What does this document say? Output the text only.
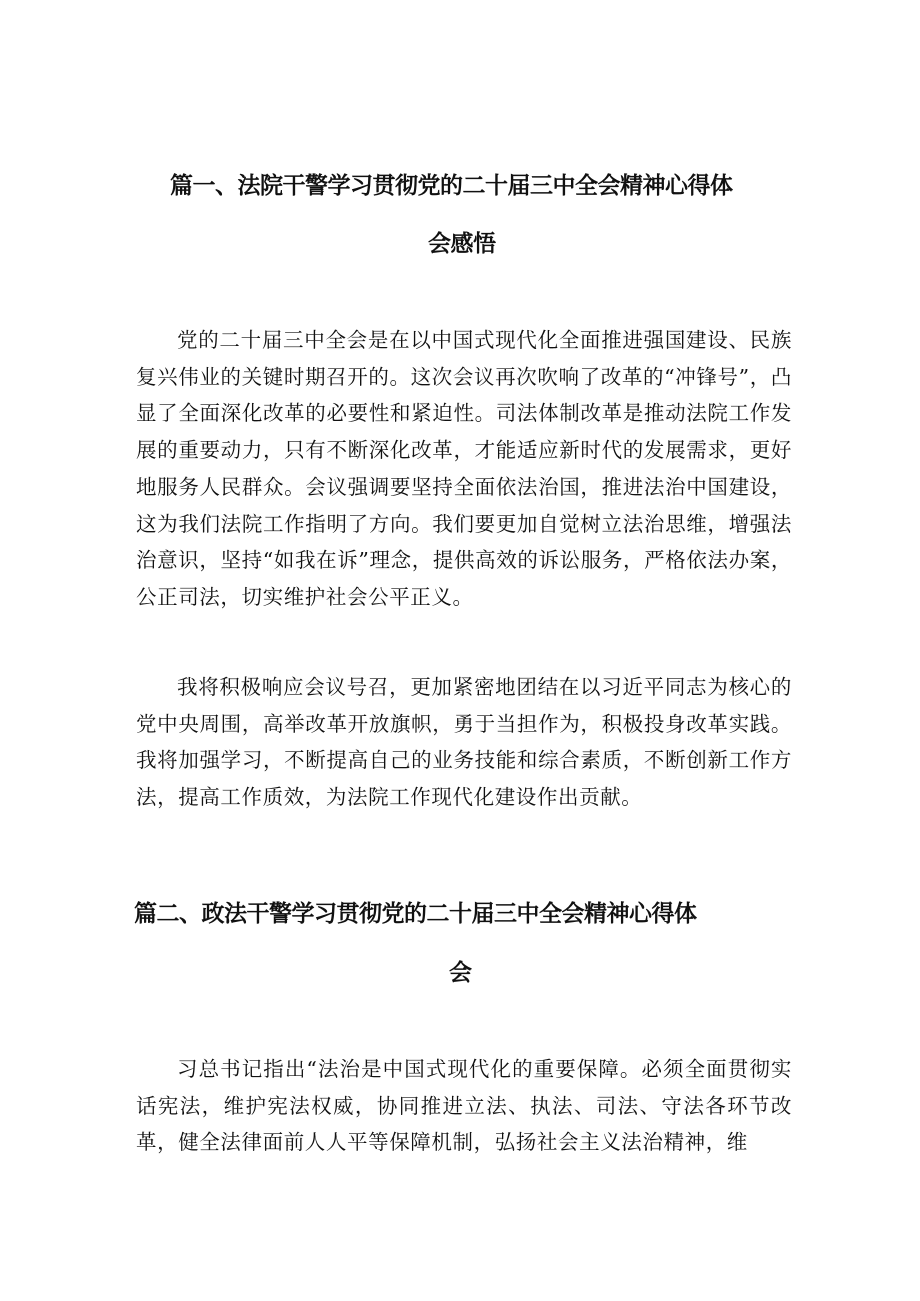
篇一、法院干警学习贯彻党的二十届三中全会精神心得体
会感悟

党的二十届三中全会是在以中国式现代化全面推进强国建设、民族复兴伟业的关键时期召开的。这次会议再次吹响了改革的“冲锋号”，凸显了全面深化改革的必要性和紧迫性。司法体制改革是推动法院工作发展的重要动力，只有不断深化改革，才能适应新时代的发展需求，更好地服务人民群众。会议强调要坚持全面依法治国，推进法治中国建设，这为我们法院工作指明了方向。我们要更加自觉树立法治思维，增强法治意识，坚持“如我在诉”理念，提供高效的诉讼服务，严格依法办案，公正司法，切实维护社会公平正义。

我将积极响应会议号召，更加紧密地团结在以习近平同志为核心的党中央周围，高举改革开放旗帜，勇于当担作为，积极投身改革实践。我将加强学习，不断提高自己的业务技能和综合素质，不断创新工作方法，提高工作质效，为法院工作现代化建设作出贡献。

篇二、政法干警学习贯彻党的二十届三中全会精神心得体
会

习总书记指出“法治是中国式现代化的重要保障。必须全面贯彻实话宪法，维护宪法权威，协同推进立法、执法、司法、守法各环节改革，健全法律面前人人平等保障机制，弘扬社会主义法治精神，维
